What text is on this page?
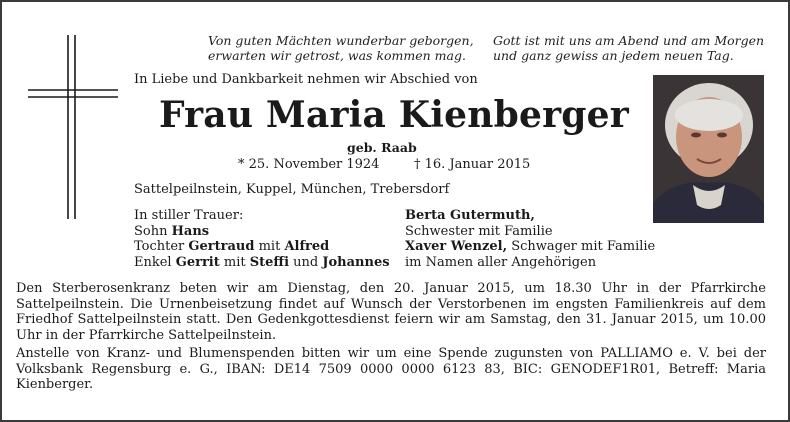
Von guten Mächten wunderbar geborgen,
erwarten wir getrost, was kommen mag.
Gott ist mit uns am Abend und am Morgen
und ganz gewiss an jedem neuen Tag.
In Liebe und Dankbarkeit nehmen wir Abschied von
Frau Maria Kienberger
geb. Raab
* 25. November 1924	† 16. Januar 2015
Sattelpeilnstein, Kuppel, München, Trebersdorf
In stiller Trauer:
Sohn Hans
Tochter Gertraud mit Alfred
Enkel Gerrit mit Steffi und Johannes
Berta Gutermuth,
Schwester mit Familie
Xaver Wenzel, Schwager mit Familie
im Namen aller Angehörigen
Den Sterberosenkranz beten wir am Dienstag, den 20. Januar 2015, um 18.30 Uhr in der Pfarrkirche Sattelpeilnstein. Die Urnenbeisetzung findet auf Wunsch der Verstorbenen im engsten Familienkreis auf dem Friedhof Sattelpeilnstein statt. Den Gedenkgottesdienst feiern wir am Samstag, den 31. Januar 2015, um 10.00 Uhr in der Pfarrkirche Sattelpeilnstein.
Anstelle von Kranz- und Blumenspenden bitten wir um eine Spende zugunsten von PALLIAMO e. V. bei der Volksbank Regensburg e. G., IBAN: DE14 7509 0000 0000 6123 83, BIC: GENODEF1R01, Betreff: Maria Kienberger.
